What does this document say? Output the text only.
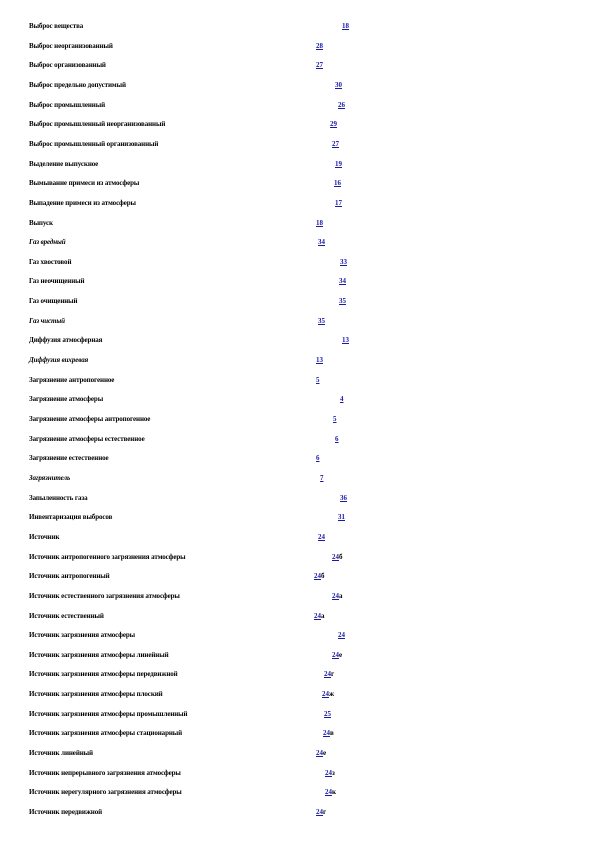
Выброс вещества	18
Выброс неорганизованный	28
Выброс организованный	27
Выброс предельно допустимый	30
Выброс промышленный	26
Выброс промышленный неорганизованный	29
Выброс промышленный организованный	27
Выделение выпускное	19
Вымывание примеси из атмосферы	16
Выпадение примеси из атмосферы	17
Выпуск	18
Газ вредный	34
Газ хвостовой	33
Газ неочищенный	34
Газ очищенный	35
Газ чистый	35
Диффузия атмосферная	13
Диффузия вихревая	13
Загрязнение антропогенное	5
Загрязнение атмосферы	4
Загрязнение атмосферы антропогенное	5
Загрязнение атмосферы естественное	6
Загрязнение естественное	6
Загрязнитель	7
Запыленность газа	36
Инвентаризация выбросов	31
Источник	24
Источник антропогенного загрязнения атмосферы	24б
Источник антропогенный	24б
Источник естественного загрязнения атмосферы	24а
Источник естественный	24а
Источник загрязнения атмосферы	24
Источник загрязнения атмосферы линейный	24е
Источник загрязнения атмосферы передвижной	24г
Источник загрязнения атмосферы плоский	24ж
Источник загрязнения атмосферы промышленный	25
Источник загрязнения атмосферы стационарный	24в
Источник линейный	24е
Источник непрерывного загрязнения атмосферы	24з
Источник нерегулярного загрязнения атмосферы	24к
Источник передвижной	24г
